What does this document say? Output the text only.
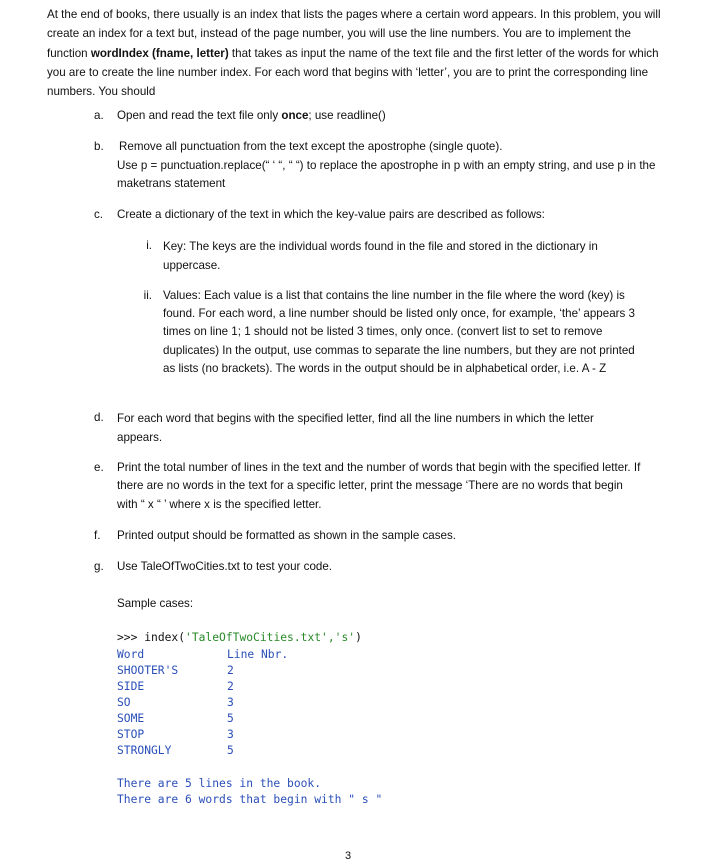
At the end of books, there usually is an index that lists the pages where a certain word appears. In this problem, you will create an index for a text but, instead of the page number, you will use the line numbers. You are to implement the function wordIndex (fname, letter) that takes as input the name of the text file and the first letter of the words for which you are to create the line number index. For each word that begins with ‘letter’, you are to print the corresponding line numbers. You should
a. Open and read the text file only once; use readline()
b. Remove all punctuation from the text except the apostrophe (single quote).
Use p = punctuation.replace(“ ‘ “, “ “) to replace the apostrophe in p with an empty string, and use p in the maketrans statement
c. Create a dictionary of the text in which the key-value pairs are described as follows:
i. Key: The keys are the individual words found in the file and stored in the dictionary in uppercase.
ii. Values: Each value is a list that contains the line number in the file where the word (key) is found. For each word, a line number should be listed only once, for example, ‘the’ appears 3 times on line 1; 1 should not be listed 3 times, only once. (convert list to set to remove duplicates) In the output, use commas to separate the line numbers, but they are not printed as lists (no brackets). The words in the output should be in alphabetical order, i.e. A - Z
d. For each word that begins with the specified letter, find all the line numbers in which the letter appears.
e. Print the total number of lines in the text and the number of words that begin with the specified letter. If there are no words in the text for a specific letter, print the message ‘There are no words that begin with “ x “ ’ where x is the specified letter.
f. Printed output should be formatted as shown in the sample cases.
g. Use TaleOfTwoCities.txt to test your code.
Sample cases:
>>> index('TaleOfTwoCities.txt','s')
Word	Line Nbr.
SHOOTER'S	2
SIDE	2
SO	3
SOME	5
STOP	3
STRONGLY	5
There are 5 lines in the book.
There are 6 words that begin with " s "
3
